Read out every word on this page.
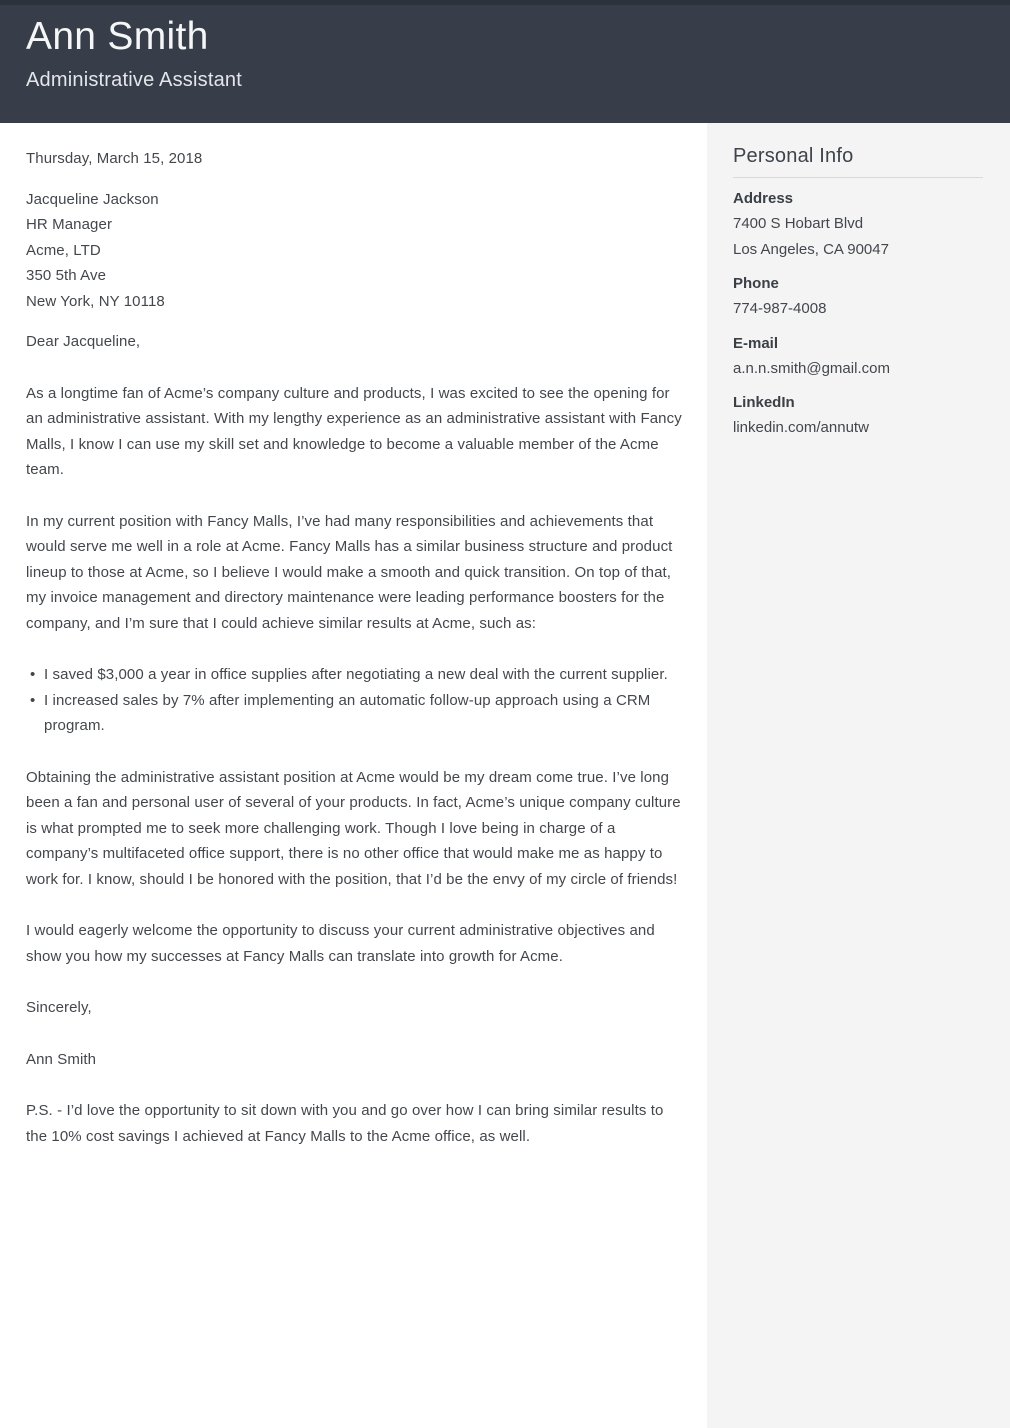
Ann Smith
Administrative Assistant
Personal Info
Address
7400 S Hobart Blvd
Los Angeles, CA 90047
Phone
774-987-4008
E-mail
a.n.n.smith@gmail.com
LinkedIn
linkedin.com/annutw

Thursday, March 15, 2018

Jacqueline Jackson
HR Manager
Acme, LTD
350 5th Ave
New York, NY 10118

Dear Jacqueline,

As a longtime fan of Acme’s company culture and products, I was excited to see the opening for an administrative assistant. With my lengthy experience as an administrative assistant with Fancy Malls, I know I can use my skill set and knowledge to become a valuable member of the Acme team.

In my current position with Fancy Malls, I’ve had many responsibilities and achievements that would serve me well in a role at Acme. Fancy Malls has a similar business structure and product lineup to those at Acme, so I believe I would make a smooth and quick transition. On top of that, my invoice management and directory maintenance were leading performance boosters for the company, and I’m sure that I could achieve similar results at Acme, such as:

• I saved $3,000 a year in office supplies after negotiating a new deal with the current supplier.
• I increased sales by 7% after implementing an automatic follow-up approach using a CRM program.

Obtaining the administrative assistant position at Acme would be my dream come true. I’ve long been a fan and personal user of several of your products. In fact, Acme’s unique company culture is what prompted me to seek more challenging work. Though I love being in charge of a company’s multifaceted office support, there is no other office that would make me as happy to work for. I know, should I be honored with the position, that I’d be the envy of my circle of friends!

I would eagerly welcome the opportunity to discuss your current administrative objectives and show you how my successes at Fancy Malls can translate into growth for Acme.

Sincerely,

Ann Smith

P.S. - I’d love the opportunity to sit down with you and go over how I can bring similar results to the 10% cost savings I achieved at Fancy Malls to the Acme office, as well.
